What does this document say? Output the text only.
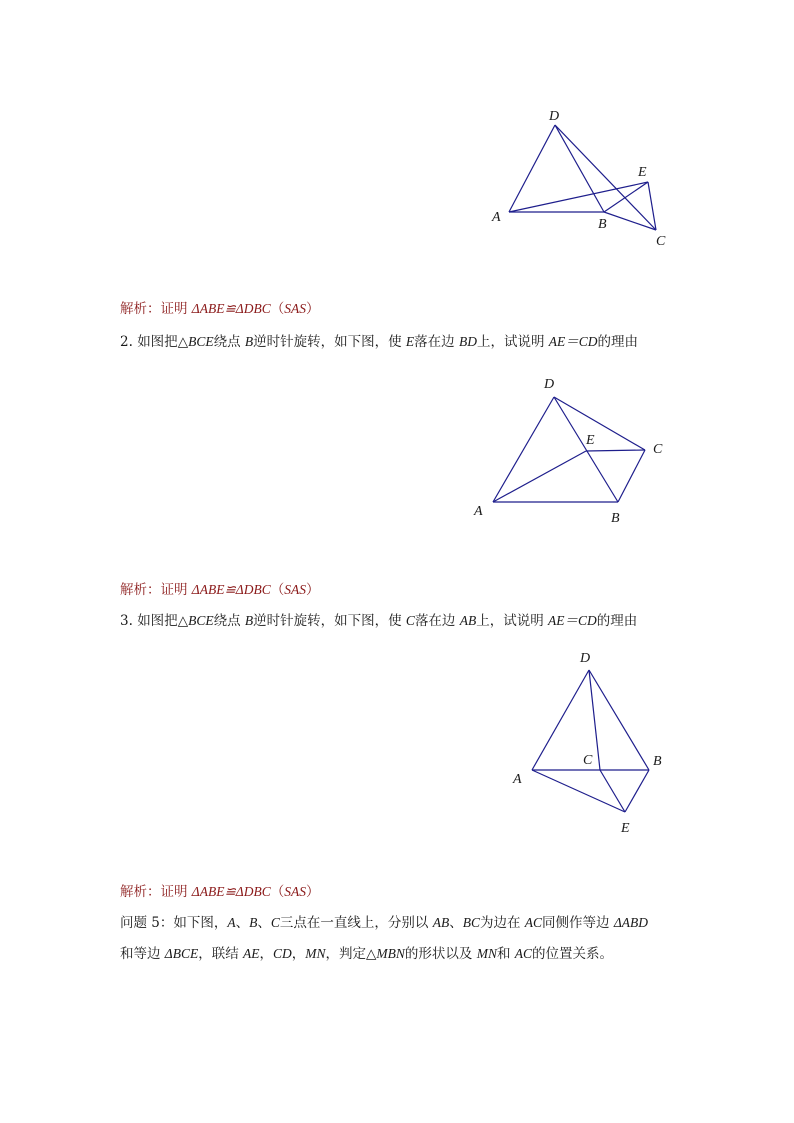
D
E
A	B
C
解析：证明 ΔABE≌ΔDBC（SAS）
2. 如图把△BCE绕点 B逆时针旋转，如下图，使 E落在边 BD上，试说明 AE＝CD的理由
D
E
C
A	B
解析：证明 ΔABE≌ΔDBC（SAS）
3. 如图把△BCE绕点 B逆时针旋转，如下图，使 C落在边 AB上，试说明 AE＝CD的理由
D
C	B
A
E
解析：证明 ΔABE≌ΔDBC（SAS）
问题 5：如下图，A、B、C三点在一直线上，分别以 AB、BC为边在 AC同侧作等边 ΔABD
和等边 ΔBCE，联结 AE，CD，MN，判定△MBN的形状以及 MN和 AC的位置关系。
